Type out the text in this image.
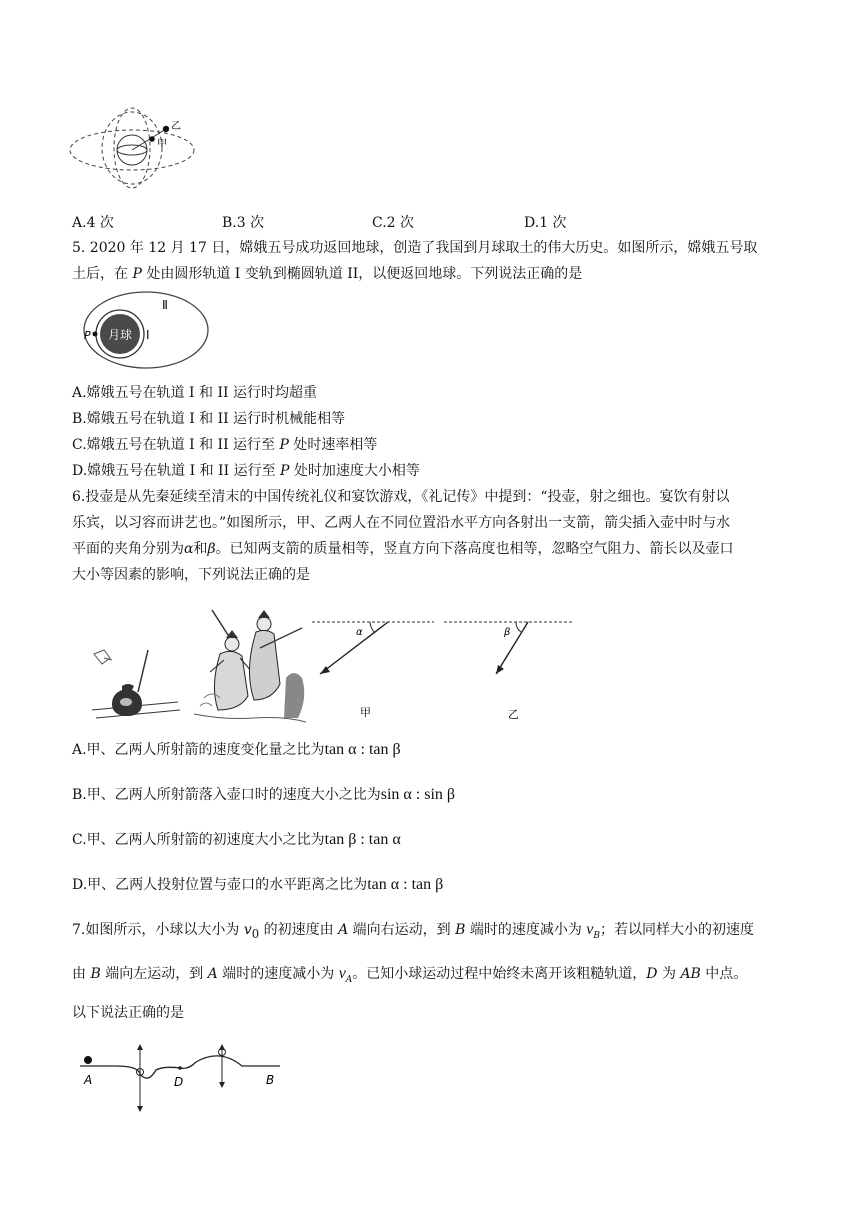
乙
甲
A.4 次	B.3 次	C.2 次	D.1 次
5. 2020 年 12 月 17 日，嫦娥五号成功返回地球，创造了我国到月球取土的伟大历史。如图所示，嫦娥五号取
土后，在 P 处由圆形轨道 I 变轨到椭圆轨道 II，以便返回地球。下列说法正确的是
月球
P	I
Ⅱ
A.嫦娥五号在轨道 I 和 II 运行时均超重
B.嫦娥五号在轨道 I 和 II 运行时机械能相等
C.嫦娥五号在轨道 I 和 II 运行至 P 处时速率相等
D.嫦娥五号在轨道 I 和 II 运行至 P 处时加速度大小相等
6.投壶是从先秦延续至清末的中国传统礼仪和宴饮游戏，《礼记传》中提到：“投壶，射之细也。宴饮有射以
乐宾，以习容而讲艺也。”如图所示，甲、乙两人在不同位置沿水平方向各射出一支箭，箭尖插入壶中时与水
平面的夹角分别为α和β。已知两支箭的质量相等，竖直方向下落高度也相等，忽略空气阻力、箭长以及壶口
大小等因素的影响，下列说法正确的是
α
甲
β
乙
A.甲、乙两人所射箭的速度变化量之比为tan α : tan β
B.甲、乙两人所射箭落入壶口时的速度大小之比为sin α : sin β
C.甲、乙两人所射箭的初速度大小之比为tan β : tan α
D.甲、乙两人投射位置与壶口的水平距离之比为tan α : tan β
7.如图所示，小球以大小为 $v_0$ 的初速度由 A 端向右运动，到 B 端时的速度减小为 $v_B$；若以同样大小的初速度
由 B 端向左运动，到 A 端时的速度减小为 $v_A$。已知小球运动过程中始终未离开该粗糙轨道，D 为 AB 中点。
以下说法正确的是
A	D	B
